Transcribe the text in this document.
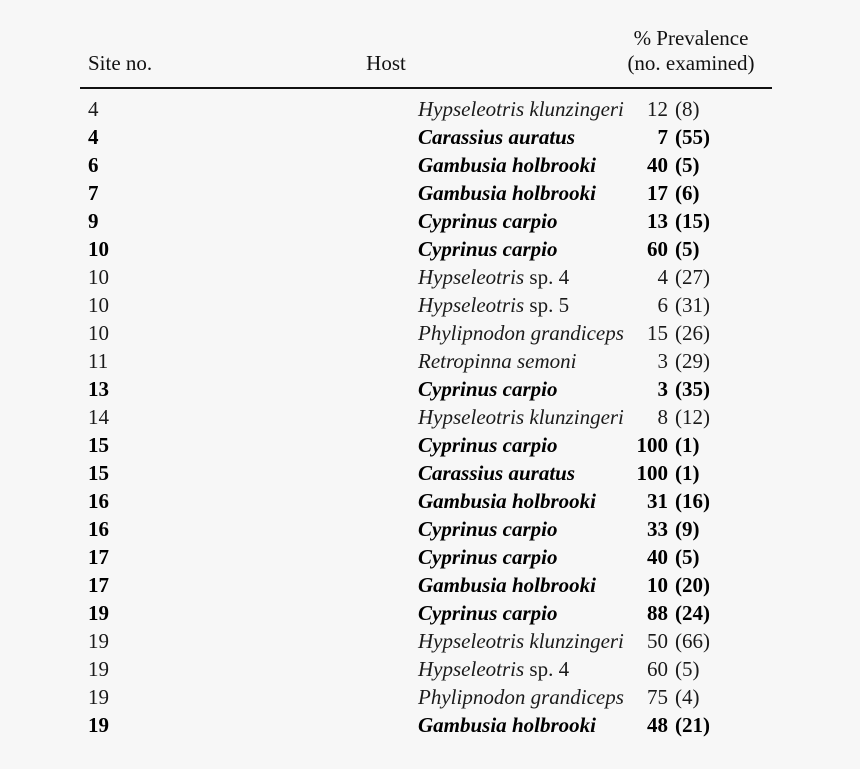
Site no.	Host	% Prevalence
(no. examined)

4	Hypseleotris klunzingeri	12 (8)

4	Carassius auratus	7 (55)

6	Gambusia holbrooki	40 (5)

7	Gambusia holbrooki	17 (6)

9	Cyprinus carpio	13 (15)

10	Cyprinus carpio	60 (5)

10	Hypseleotris sp. 4	4 (27)

10	Hypseleotris sp. 5	6 (31)

10	Phylipnodon grandiceps	15 (26)

11	Retropinna semoni	3 (29)

13	Cyprinus carpio	3 (35)

14	Hypseleotris klunzingeri	8 (12)

15	Cyprinus carpio	100 (1)

15	Carassius auratus	100 (1)

16	Gambusia holbrooki	31 (16)

16	Cyprinus carpio	33 (9)

17	Cyprinus carpio	40 (5)

17	Gambusia holbrooki	10 (20)

19	Cyprinus carpio	88 (24)

19	Hypseleotris klunzingeri	50 (66)

19	Hypseleotris sp. 4	60 (5)

19	Phylipnodon grandiceps	75 (4)

19	Gambusia holbrooki	48 (21)
